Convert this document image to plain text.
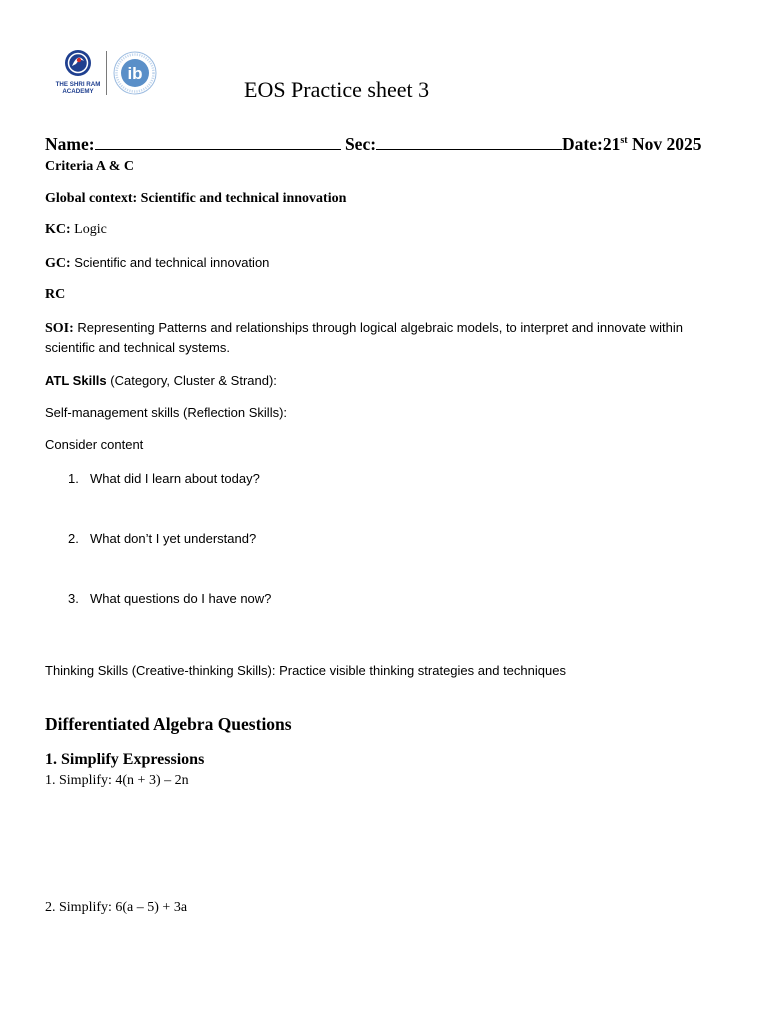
THE SHRI RAM
ACADEMY
ib
EOS Practice sheet 3
Name:	Sec:	Date:21st Nov 2025
Criteria A & C
Global context: Scientific and technical innovation
KC: Logic
GC: Scientific and technical innovation
RC
SOI: Representing Patterns and relationships through logical algebraic models, to interpret and innovate within
scientific and technical systems.
ATL Skills (Category, Cluster & Strand):
Self-management skills (Reflection Skills):
Consider content
1. What did I learn about today?
2. What don’t I yet understand?
3. What questions do I have now?
Thinking Skills (Creative-thinking Skills): Practice visible thinking strategies and techniques
Differentiated Algebra Questions
1. Simplify Expressions
1. Simplify: 4(n + 3) – 2n
2. Simplify: 6(a – 5) + 3a
